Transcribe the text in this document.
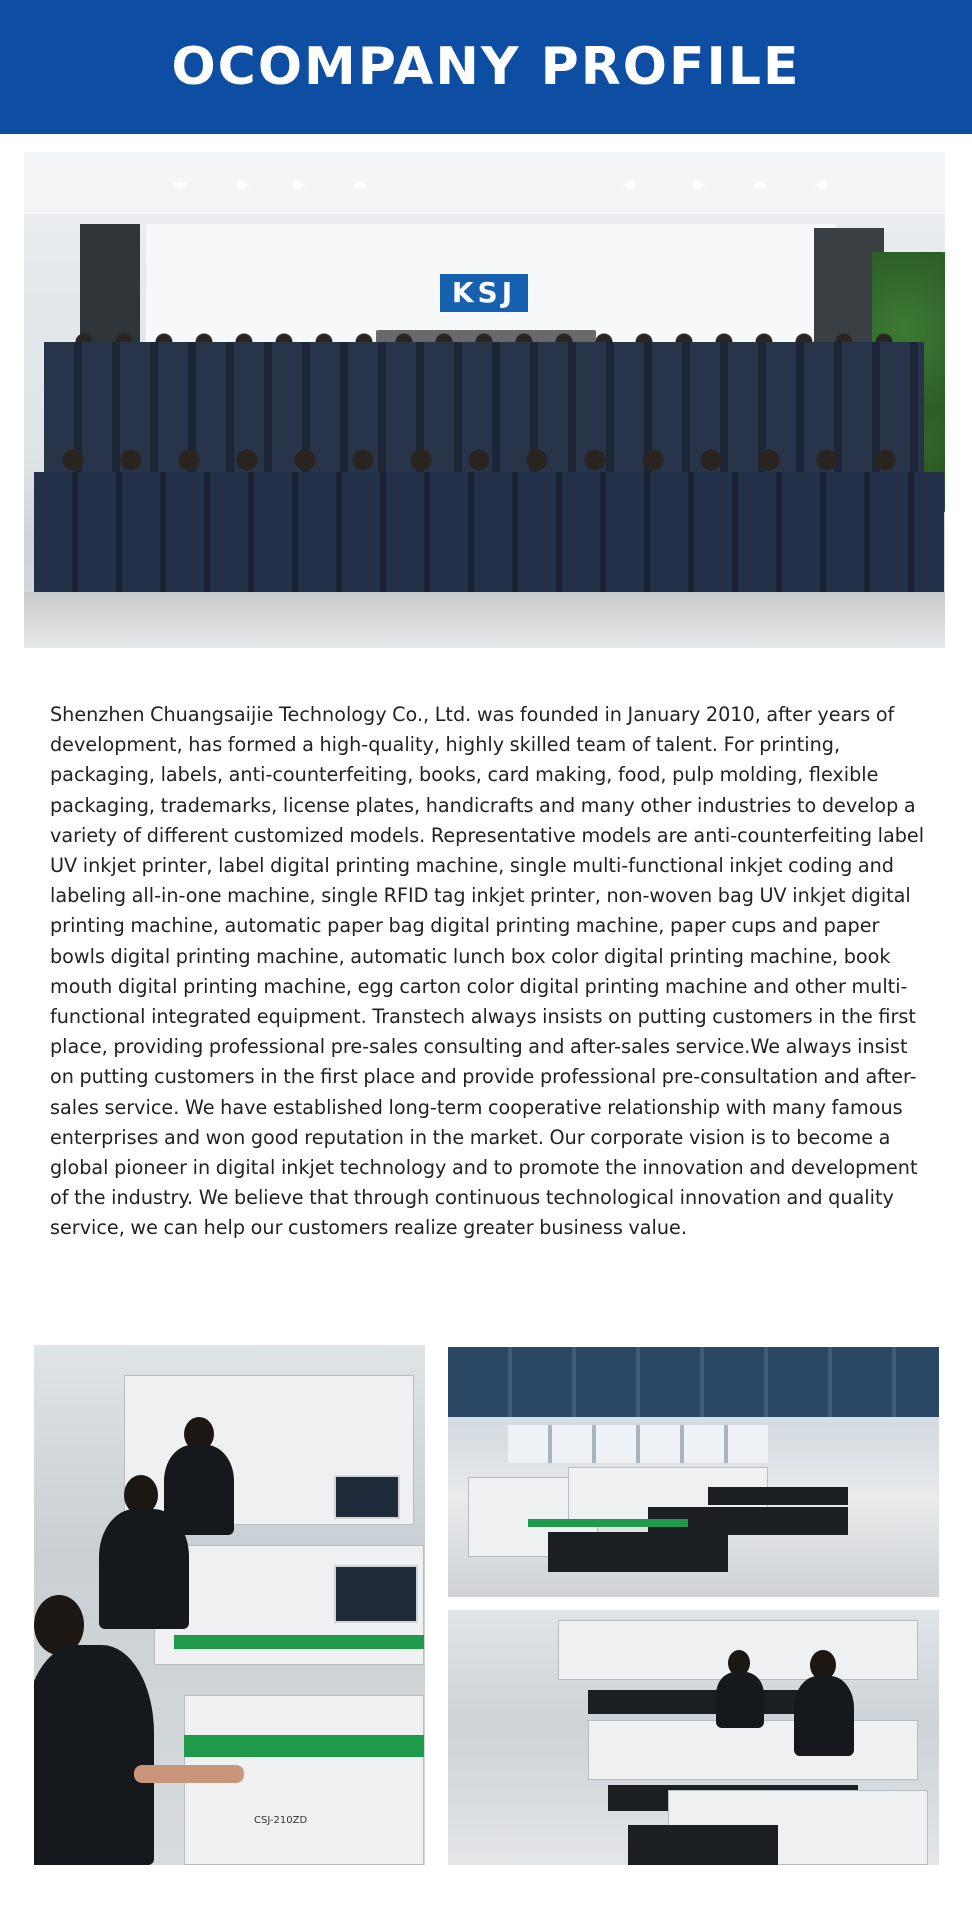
OCOMPANY PROFILE
KSJ

Shenzhen Chuangsaijie Technology Co., Ltd. was founded in January 2010, after years of development, has formed a high-quality, highly skilled team of talent. For printing, packaging, labels, anti-counterfeiting, books, card making, food, pulp molding, flexible packaging, trademarks, license plates, handicrafts and many other industries to develop a variety of different customized models. Representative models are anti-counterfeiting label UV inkjet printer, label digital printing machine, single multi-functional inkjet coding and labeling all-in-one machine, single RFID tag inkjet printer, non-woven bag UV inkjet digital printing machine, automatic paper bag digital printing machine, paper cups and paper bowls digital printing machine, automatic lunch box color digital printing machine, book mouth digital printing machine, egg carton color digital printing machine and other multi-functional integrated equipment. Transtech always insists on putting customers in the first place, providing professional pre-sales consulting and after-sales service.We always insist on putting customers in the first place and provide professional pre-consultation and after-sales service. We have established long-term cooperative relationship with many famous enterprises and won good reputation in the market. Our corporate vision is to become a global pioneer in digital inkjet technology and to promote the innovation and development of the industry. We believe that through continuous technological innovation and quality service, we can help our customers realize greater business value.

CSJ-210ZD
